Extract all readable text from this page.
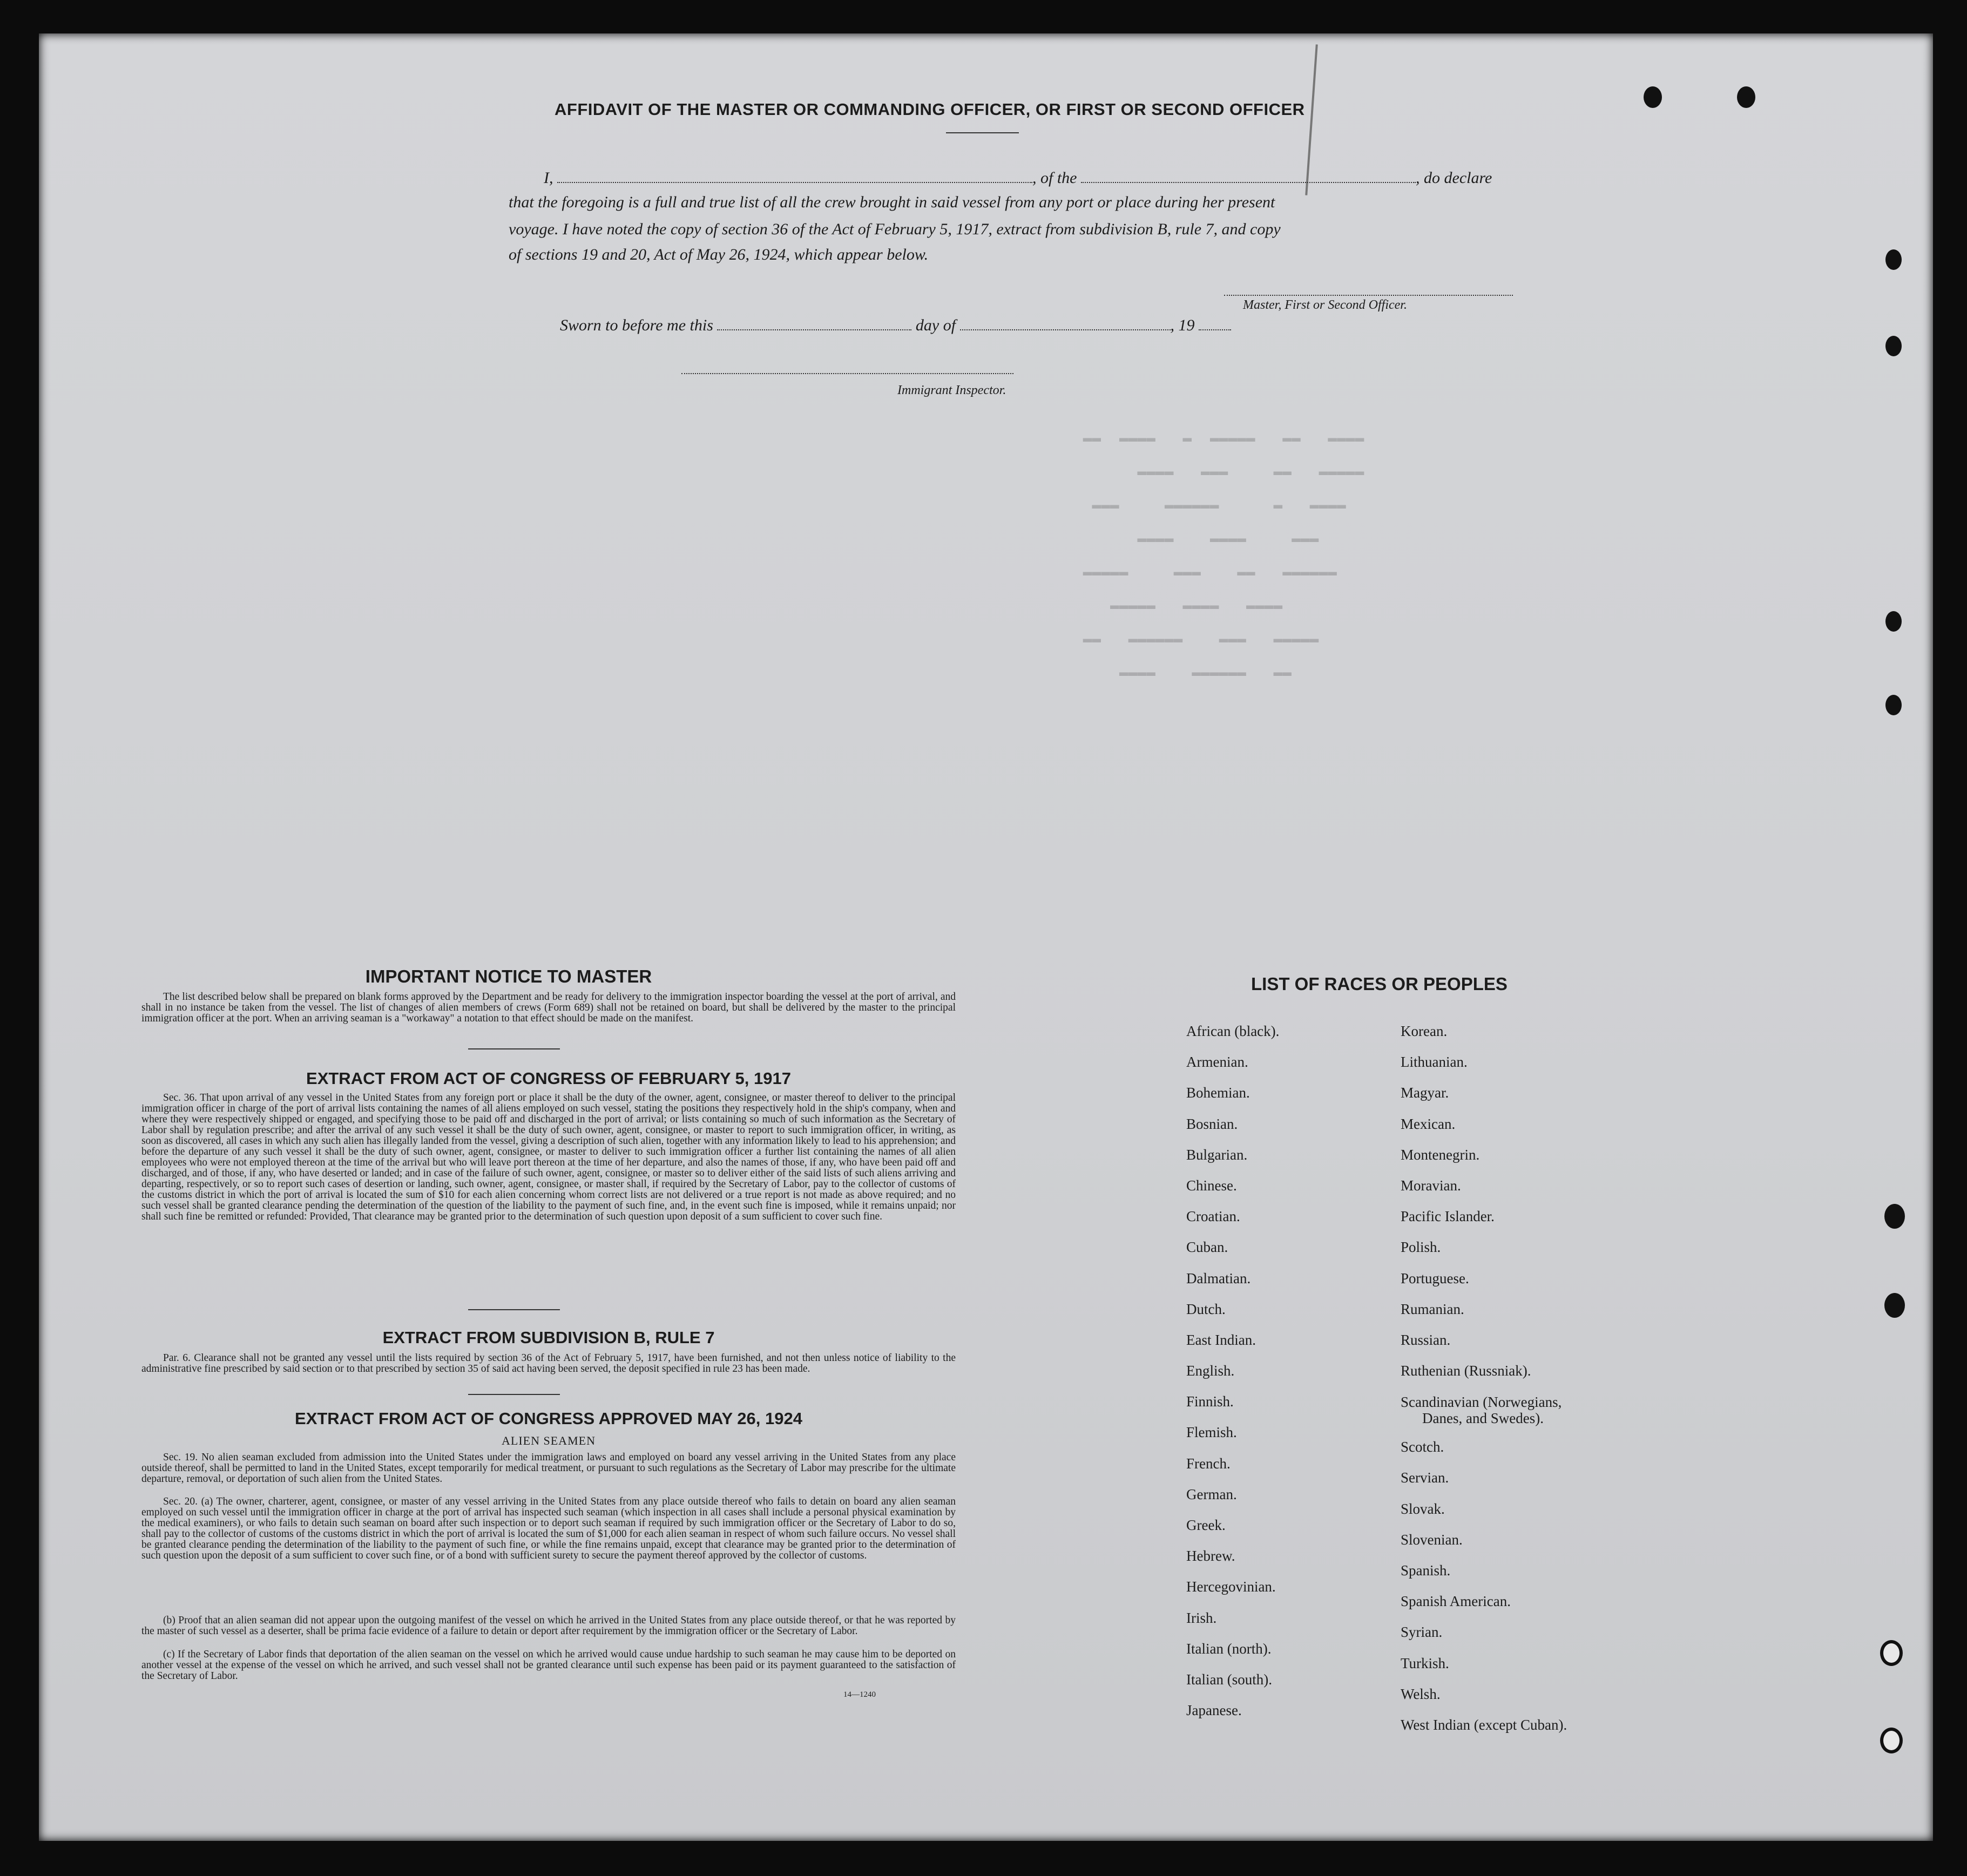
▬▬  ▬▬▬▬   ▬  ▬▬▬▬▬   ▬▬   ▬▬▬▬
▬▬▬▬   ▬▬▬     ▬▬   ▬▬▬▬▬
▬▬▬     ▬▬▬▬▬▬      ▬   ▬▬▬▬
▬▬▬▬    ▬▬▬▬     ▬▬▬
▬▬▬▬▬     ▬▬▬    ▬▬   ▬▬▬▬▬▬
▬▬▬▬▬   ▬▬▬▬   ▬▬▬▬
▬▬   ▬▬▬▬▬▬    ▬▬▬   ▬▬▬▬▬
▬▬▬▬    ▬▬▬▬▬▬   ▬▬
AFFIDAVIT OF THE MASTER OR COMMANDING OFFICER, OR FIRST OR SECOND OFFICER
I,	, of the	, do declare
that the foregoing is a full and true list of all the crew brought in said vessel from any port or place during her present
voyage. I have noted the copy of section 36 of the Act of February 5, 1917, extract from subdivision B, rule 7, and copy
of sections 19 and 20, Act of May 26, 1924, which appear below.
Master, First or Second Officer.
Sworn to before me this	day of	, 19
Immigrant Inspector.
IMPORTANT NOTICE TO MASTER
The list described below shall be prepared on blank forms approved by the Department and be ready for delivery to the immigration inspector boarding the vessel at the port of arrival, and shall in no instance be taken from the vessel. The list of changes of alien members of crews (Form 689) shall not be retained on board, but shall be delivered by the master to the principal immigration officer at the port. When an arriving seaman is a "workaway" a notation to that effect should be made on the manifest.
EXTRACT FROM ACT OF CONGRESS OF FEBRUARY 5, 1917
Sec. 36. That upon arrival of any vessel in the United States from any foreign port or place it shall be the duty of the owner, agent, consignee, or master thereof to deliver to the principal immigration officer in charge of the port of arrival lists containing the names of all aliens employed on such vessel, stating the positions they respectively hold in the ship's company, when and where they were respectively shipped or engaged, and specifying those to be paid off and discharged in the port of arrival; or lists containing so much of such information as the Secretary of Labor shall by regulation prescribe; and after the arrival of any such vessel it shall be the duty of such owner, agent, consignee, or master to report to such immigration officer, in writing, as soon as discovered, all cases in which any such alien has illegally landed from the vessel, giving a description of such alien, together with any information likely to lead to his apprehension; and before the departure of any such vessel it shall be the duty of such owner, agent, consignee, or master to deliver to such immigration officer a further list containing the names of all alien employees who were not employed thereon at the time of the arrival but who will leave port thereon at the time of her departure, and also the names of those, if any, who have been paid off and discharged, and of those, if any, who have deserted or landed; and in case of the failure of such owner, agent, consignee, or master so to deliver either of the said lists of such aliens arriving and departing, respectively, or so to report such cases of desertion or landing, such owner, agent, consignee, or master shall, if required by the Secretary of Labor, pay to the collector of customs of the customs district in which the port of arrival is located the sum of $10 for each alien concerning whom correct lists are not delivered or a true report is not made as above required; and no such vessel shall be granted clearance pending the determination of the question of the liability to the payment of such fine, and, in the event such fine is imposed, while it remains unpaid; nor shall such fine be remitted or refunded: Provided, That clearance may be granted prior to the determination of such question upon deposit of a sum sufficient to cover such fine.
EXTRACT FROM SUBDIVISION B, RULE 7
Par. 6. Clearance shall not be granted any vessel until the lists required by section 36 of the Act of February 5, 1917, have been furnished, and not then unless notice of liability to the administrative fine prescribed by said section or to that prescribed by section 35 of said act having been served, the deposit specified in rule 23 has been made.
EXTRACT FROM ACT OF CONGRESS APPROVED MAY 26, 1924
ALIEN SEAMEN
Sec. 19. No alien seaman excluded from admission into the United States under the immigration laws and employed on board any vessel arriving in the United States from any place outside thereof, shall be permitted to land in the United States, except temporarily for medical treatment, or pursuant to such regulations as the Secretary of Labor may prescribe for the ultimate departure, removal, or deportation of such alien from the United States.
Sec. 20. (a) The owner, charterer, agent, consignee, or master of any vessel arriving in the United States from any place outside thereof who fails to detain on board any alien seaman employed on such vessel until the immigration officer in charge at the port of arrival has inspected such seaman (which inspection in all cases shall include a personal physical examination by the medical examiners), or who fails to detain such seaman on board after such inspection or to deport such seaman if required by such immigration officer or the Secretary of Labor to do so, shall pay to the collector of customs of the customs district in which the port of arrival is located the sum of $1,000 for each alien seaman in respect of whom such failure occurs. No vessel shall be granted clearance pending the determination of the liability to the payment of such fine, or while the fine remains unpaid, except that clearance may be granted prior to the determination of such question upon the deposit of a sum sufficient to cover such fine, or of a bond with sufficient surety to secure the payment thereof approved by the collector of customs.
(b) Proof that an alien seaman did not appear upon the outgoing manifest of the vessel on which he arrived in the United States from any place outside thereof, or that he was reported by the master of such vessel as a deserter, shall be prima facie evidence of a failure to detain or deport after requirement by the immigration officer or the Secretary of Labor.
(c) If the Secretary of Labor finds that deportation of the alien seaman on the vessel on which he arrived would cause undue hardship to such seaman he may cause him to be deported on another vessel at the expense of the vessel on which he arrived, and such vessel shall not be granted clearance until such expense has been paid or its payment guaranteed to the satisfaction of the Secretary of Labor.
14—1240
LIST OF RACES OR PEOPLES
African (black).
Armenian.
Bohemian.
Bosnian.
Bulgarian.
Chinese.
Croatian.
Cuban.
Dalmatian.
Dutch.
East Indian.
English.
Finnish.
Flemish.
French.
German.
Greek.
Hebrew.
Hercegovinian.
Irish.
Italian (north).
Italian (south).
Japanese.
Korean.
Lithuanian.
Magyar.
Mexican.
Montenegrin.
Moravian.
Pacific Islander.
Polish.
Portuguese.
Rumanian.
Russian.
Ruthenian (Russniak).
Scandinavian (Norwegians,
Danes, and Swedes).
Scotch.
Servian.
Slovak.
Slovenian.
Spanish.
Spanish American.
Syrian.
Turkish.
Welsh.
West Indian (except Cuban).
